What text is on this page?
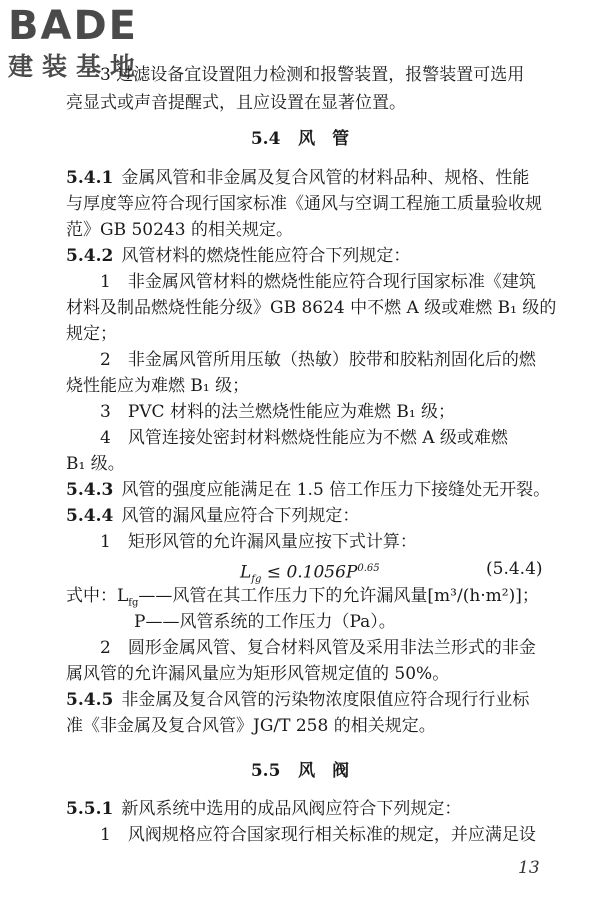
BADE
建装基地
3 过滤设备宜设置阻力检测和报警装置，报警装置可选用
亮显式或声音提醒式，且应设置在显著位置。
5.4 风　管
5.4.1 金属风管和非金属及复合风管的材料品种、规格、性能
与厚度等应符合现行国家标准《通风与空调工程施工质量验收规
范》GB 50243 的相关规定。
5.4.2 风管材料的燃烧性能应符合下列规定：
1　非金属风管材料的燃烧性能应符合现行国家标准《建筑
材料及制品燃烧性能分级》GB 8624 中不燃 A 级或难燃 B₁ 级的
规定；
2　非金属风管所用压敏（热敏）胶带和胶粘剂固化后的燃
烧性能应为难燃 B₁ 级；
3　PVC 材料的法兰燃烧性能应为难燃 B₁ 级；
4　风管连接处密封材料燃烧性能应为不燃 A 级或难燃
B₁ 级。
5.4.3 风管的强度应能满足在 1.5 倍工作压力下接缝处无开裂。
5.4.4 风管的漏风量应符合下列规定：
1　矩形风管的允许漏风量应按下式计算：
$L_{fg} \le 0.1056P^{0.65}$	(5.4.4)
式中：$L_{fg}——$风管在其工作压力下的允许漏风量[m³/(h·m²)]；
P——风管系统的工作压力（Pa）。
2　圆形金属风管、复合材料风管及采用非法兰形式的非金
属风管的允许漏风量应为矩形风管规定值的 50%。
5.4.5 非金属及复合风管的污染物浓度限值应符合现行行业标
准《非金属及复合风管》JG/T 258 的相关规定。
5.5 风　阀
5.5.1 新风系统中选用的成品风阀应符合下列规定：
1　风阀规格应符合国家现行相关标准的规定，并应满足设
13
